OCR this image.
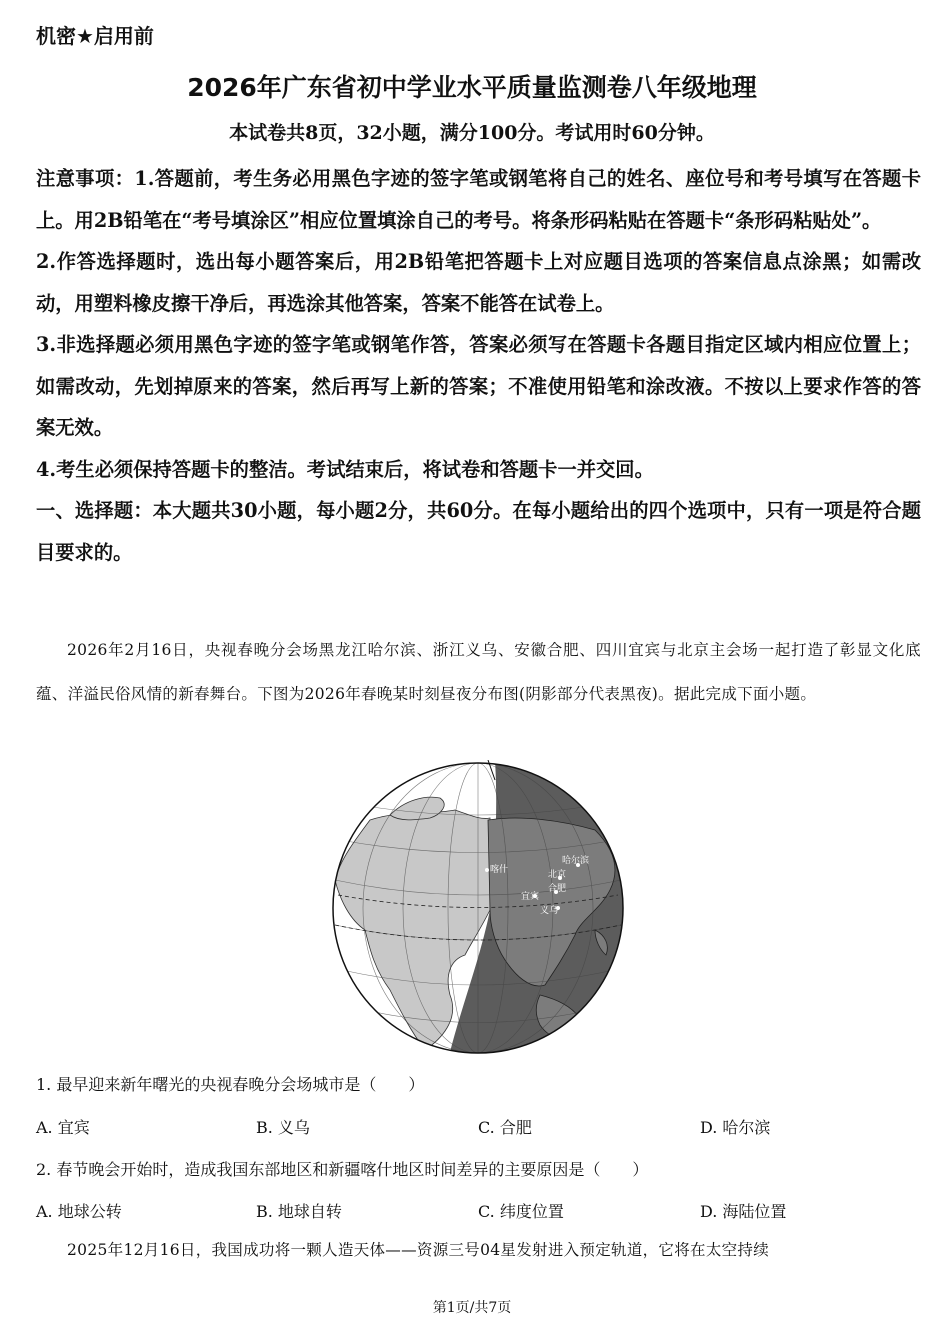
机密★启用前
2026年广东省初中学业水平质量监测卷八年级地理
本试卷共8页，32小题，满分100分。考试用时60分钟。

注意事项：1.答题前，考生务必用黑色字迹的签字笔或钢笔将自己的姓名、座位号和考号填写在答题卡上。用2B铅笔在“考号填涂区”相应位置填涂自己的考号。将条形码粘贴在答题卡“条形码粘贴处”。

2.作答选择题时，选出每小题答案后，用2B铅笔把答题卡上对应题目选项的答案信息点涂黑；如需改动，用塑料橡皮擦干净后，再选涂其他答案，答案不能答在试卷上。

3.非选择题必须用黑色字迹的签字笔或钢笔作答，答案必须写在答题卡各题目指定区域内相应位置上；如需改动，先划掉原来的答案，然后再写上新的答案；不准使用铅笔和涂改液。不按以上要求作答的答案无效。

4.考生必须保持答题卡的整洁。考试结束后，将试卷和答题卡一并交回。

一、选择题：本大题共30小题，每小题2分，共60分。在每小题给出的四个选项中，只有一项是符合题目要求的。

2026年2月16日，央视春晚分会场黑龙江哈尔滨、浙江义乌、安徽合肥、四川宜宾与北京主会场一起打造了彰显文化底蕴、洋溢民俗风情的新春舞台。下图为2026年春晚某时刻昼夜分布图(阴影部分代表黑夜)。据此完成下面小题。
喀什
哈尔滨
北京
合肥
宜宾
义乌
1. 最早迎来新年曙光的央视春晚分会场城市是（　　）
A. 宜宾	B. 义乌	C. 合肥	D. 哈尔滨
2. 春节晚会开始时，造成我国东部地区和新疆喀什地区时间差异的主要原因是（　　）
A. 地球公转	B. 地球自转	C. 纬度位置	D. 海陆位置
2025年12月16日，我国成功将一颗人造天体——资源三号04星发射进入预定轨道，它将在太空持续
第1页/共7页
